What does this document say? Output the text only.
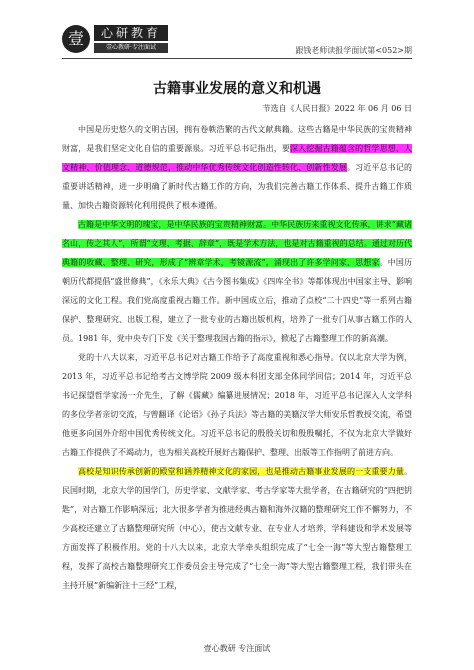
壹	心研教育
壹心教研·专注面试	跟钱老师读报学面试第<052>期
古籍事业发展的意义和机遇
节选自《人民日报》2022 年 06 月 06 日

中国是历史悠久的文明古国，拥有卷帙浩繁的古代文献典籍。这些古籍是中华民族的宝贵精神财富，是我们坚定文化自信的重要源泉。习近平总书记指出，要深入挖掘古籍蕴含的哲学思想、人文精神、价值理念、道德规范，推动中华优秀传统文化创造性转化、创新性发展。习近平总书记的重要讲话精神，进一步明确了新时代古籍工作的方向，为我们完善古籍工作体系、提升古籍工作质量、加快古籍资源转化利用提供了根本遵循。

古籍是中华文明的瑰宝，是中华民族的宝贵精神财富。中华民族历来重视文化传承，讲求“藏诸名山，传之其人”，所谓“文理、考据、辞章”，既是学术方法，也是对古籍重视的总结。通过对历代典籍的收藏、整理、研究，形成了“辨章学术，考镜源流”，涌现出了许多学问家、思想家。中国历朝历代都提倡“盛世修典”，《永乐大典》《古今图书集成》《四库全书》等都体现出中国家主导、影响深远的文化工程。我们党高度重视古籍工作。新中国成立后，推动了点校“二十四史”等一系列古籍保护、整理研究、出版工程，建立了一批专业的古籍出版机构，培养了一批专门从事古籍工作的人员。1981 年，党中央专门下发《关于整理我国古籍的指示》，掀起了古籍整理工作的新高潮。

党的十八大以来，习近平总书记对古籍工作给予了高度重视和悉心指导。仅以北京大学为例，2013 年，习近平总书记给考古文博学院 2009 级本科团支部全体同学回信；2014 年，习近平总书记探望哲学家汤一介先生，了解《儒藏》编纂进展情况；2018 年，习近平总书记深入人文学科的多位学者亲切交流，与曾翻译《论语》《孙子兵法》等古籍的美籍汉学大师安乐哲教授交流，希望他更多向国外介绍中国优秀传统文化。习近平总书记的殷殷关切和殷殷嘱托，不仅为北京大学做好古籍工作提供了不竭动力，也为相关高校开展好古籍保护、整理、出版等工作指明了前进方向。

高校是知识传承创新的殿堂和涵养精神文化的家园，也是推动古籍事业发展的一支重要力量。民国时期，北京大学的国学门，历史学家、文献学家、考古学家等大批学者，在古籍研究的“四把钥匙”，对古籍工作影响深远；北大很多学者为推进经典古籍和海外汉籍的整理研究工作不懈努力，不少高校还建立了古籍整理研究所（中心），使古文献专业、在专业人才培养，学科建设和学术发展等方面发挥了积极作用。党的十八大以来，北京大学牵头组织完成了“七全一海”等大型古籍整理工程，发挥了高校古籍整理研究工作委员会主导完成了“七全一海”等大型古籍整理工程，我们带头在主持开展“新编新注十三经”工程，

壹心教研 专注面试
